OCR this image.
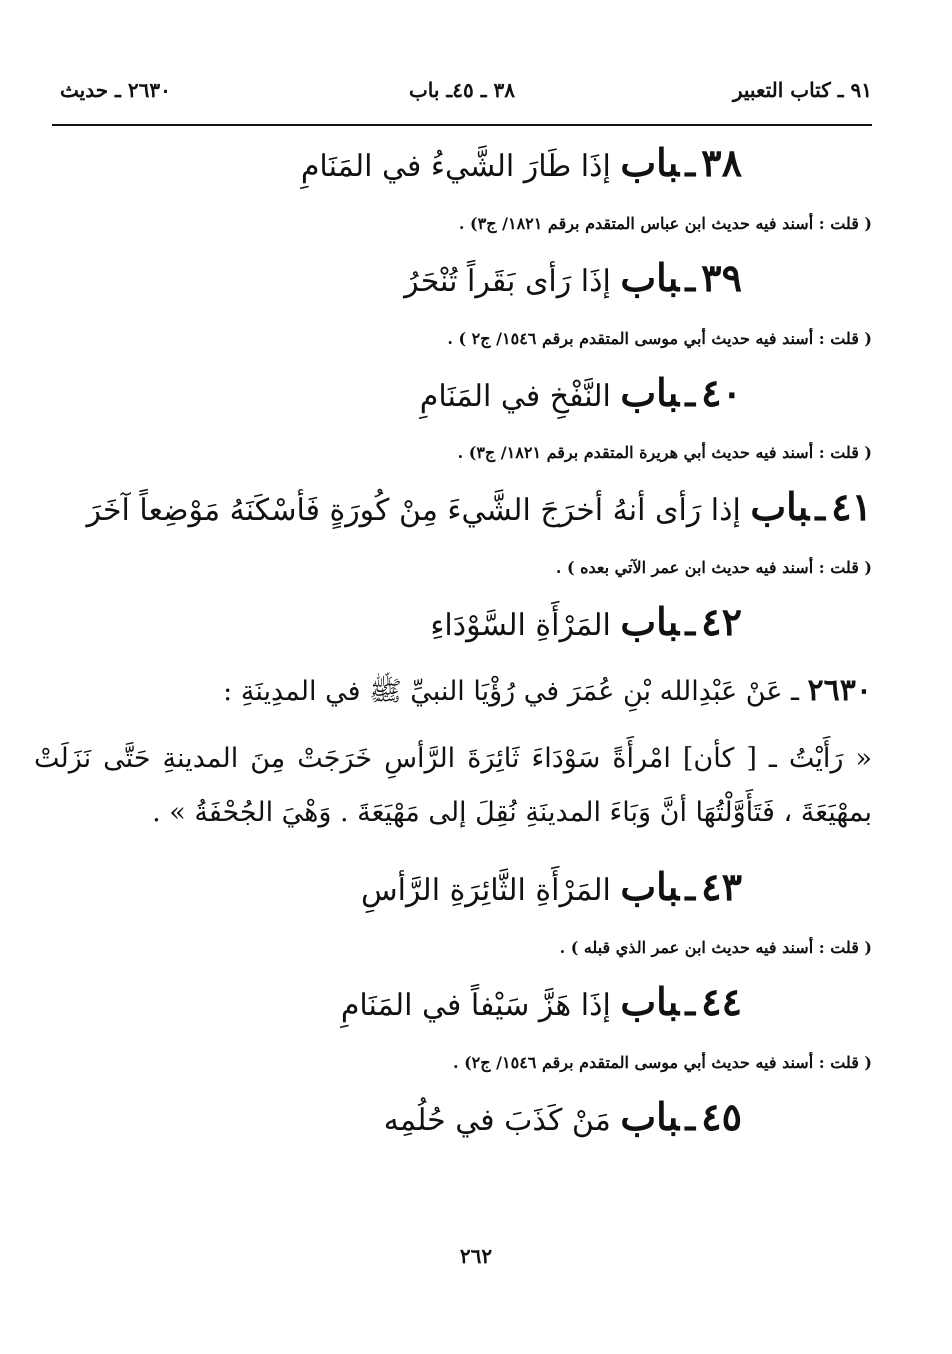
٩١ ـ كتاب التعبير
٣٨ ـ ٤٥ـ باب
٢٦٣٠ ـ حديث
٣٨ـباب إذَا طَارَ الشَّيءُ في المَنَامِ
( قلت : أسند فيه حديث ابن عباس المتقدم برقم ١٨٢١/ ج٣) .
٣٩ـباب إذَا رَأى بَقَراً تُنْحَرُ
( قلت : أسند فيه حديث أبي موسى المتقدم برقم ١٥٤٦/ ج٢ ) .
٤٠ـباب النَّفْخِ في المَنَامِ
( قلت : أسند فيه حديث أبي هريرة المتقدم برقم ١٨٢١/ ج٣) .
٤١ـباب إذا رَأى أنهُ أخرَجَ الشَّيءَ مِنْ كُورَةٍ فَأسْكَنَهُ مَوْضِعاً آخَرَ
( قلت : أسند فيه حديث ابن عمر الآتي بعده ) .
٤٢ـباب المَرْأَةِ السَّوْدَاءِ
٢٦٣٠ ـ عَنْ عَبْدِالله بْنِ عُمَرَ في رُؤْيَا النبيِّ ﷺ في المدِينَةِ :
« رَأَيْتُ ـ [ كأن] امْرأَةً سَوْدَاءَ ثَائِرَةَ الرَّأسِ خَرَجَتْ مِنَ المدينةِ حَتَّى نَزَلَتْ بمهْيَعَةَ ، فَتَأَوَّلْتُهَا أنَّ وَبَاءَ المدينَةِ نُقِلَ إلى مَهْيَعَةَ . وَهْيَ الجُحْفَةُ » .
٤٣ـباب المَرْأَةِ الثَّائِرَةِ الرَّأسِ
( قلت : أسند فيه حديث ابن عمر الذي قبله ) .
٤٤ـباب إذَا هَزَّ سَيْفاً في المَنَامِ
( قلت : أسند فيه حديث أبي موسى المتقدم برقم ١٥٤٦/ ج٢) .
٤٥ـباب مَنْ كَذَبَ في حُلُمِه
٢٦٢
